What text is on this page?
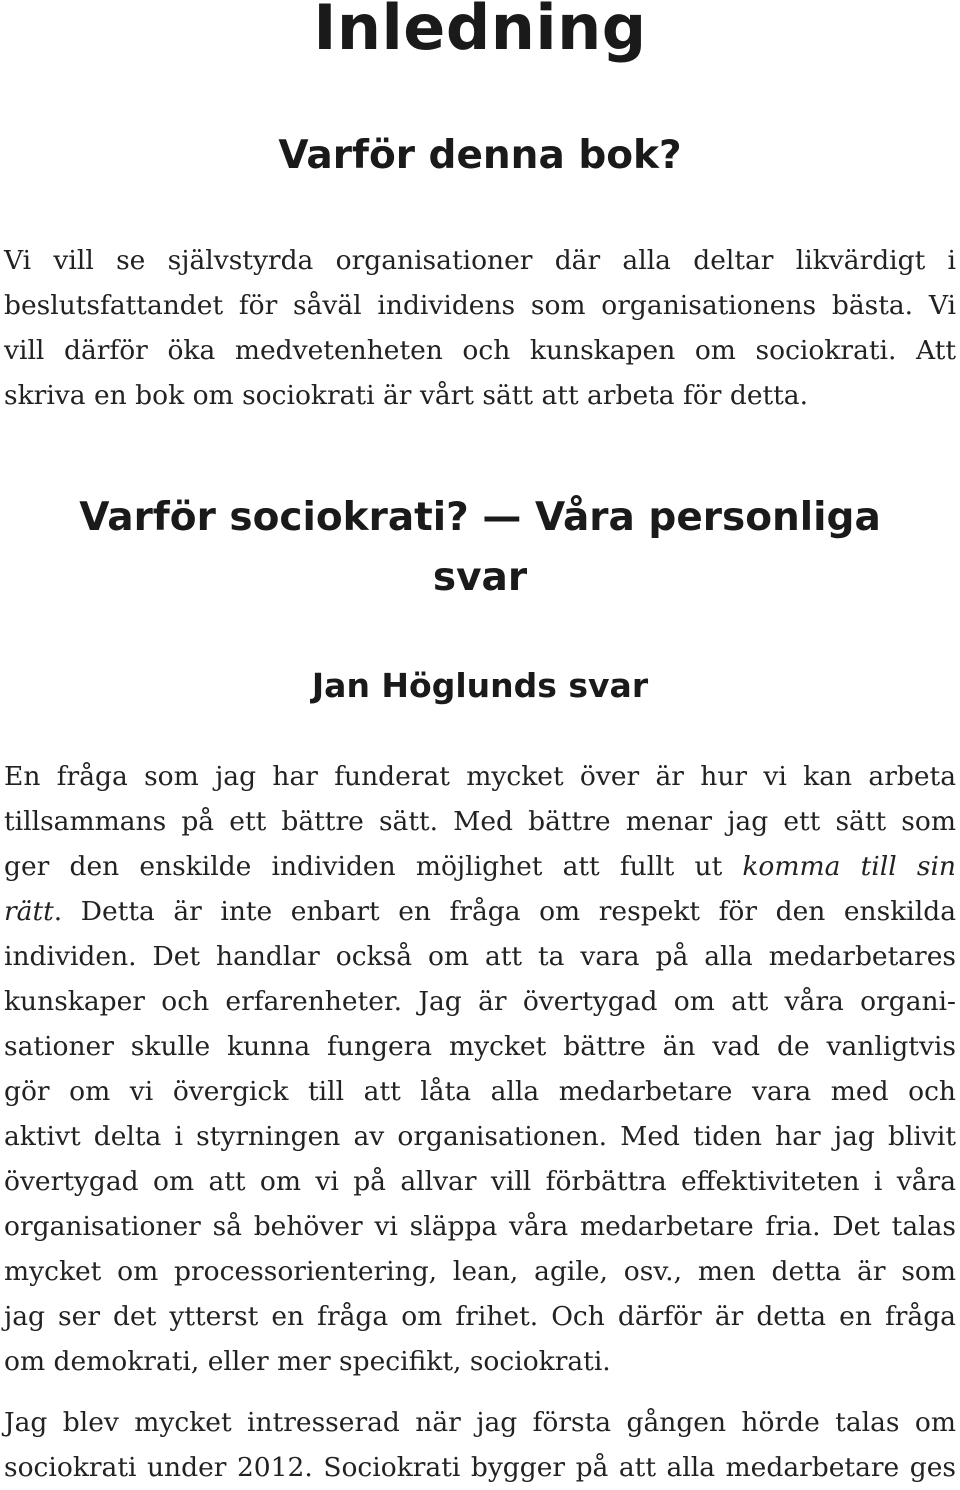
Inledning
Varför denna bok?
Vi vill se självstyrda organisationer där alla deltar likvärdigt i
beslutsfattandet för såväl individens som organisationens bästa. Vi
vill därför öka medvetenheten och kunskapen om sociokrati. Att
skriva en bok om sociokrati är vårt sätt att arbeta för detta.
Varför sociokrati? — Våra personliga
svar
Jan Höglunds svar
En fråga som jag har funderat mycket över är hur vi kan arbeta
tillsammans på ett bättre sätt. Med bättre menar jag ett sätt som
ger den enskilde individen möjlighet att fullt ut komma till sin
rätt. Detta är inte enbart en fråga om respekt för den enskilda
individen. Det handlar också om att ta vara på alla medarbetares
kunskaper och erfarenheter. Jag är övertygad om att våra organi-
sationer skulle kunna fungera mycket bättre än vad de vanligtvis
gör om vi övergick till att låta alla medarbetare vara med och
aktivt delta i styrningen av organisationen. Med tiden har jag blivit
övertygad om att om vi på allvar vill förbättra effektiviteten i våra
organisationer så behöver vi släppa våra medarbetare fria. Det talas
mycket om processorientering, lean, agile, osv., men detta är som
jag ser det ytterst en fråga om frihet. Och därför är detta en fråga
om demokrati, eller mer specifikt, sociokrati.
Jag blev mycket intresserad när jag första gången hörde talas om
sociokrati under 2012. Sociokrati bygger på att alla medarbetare ges
